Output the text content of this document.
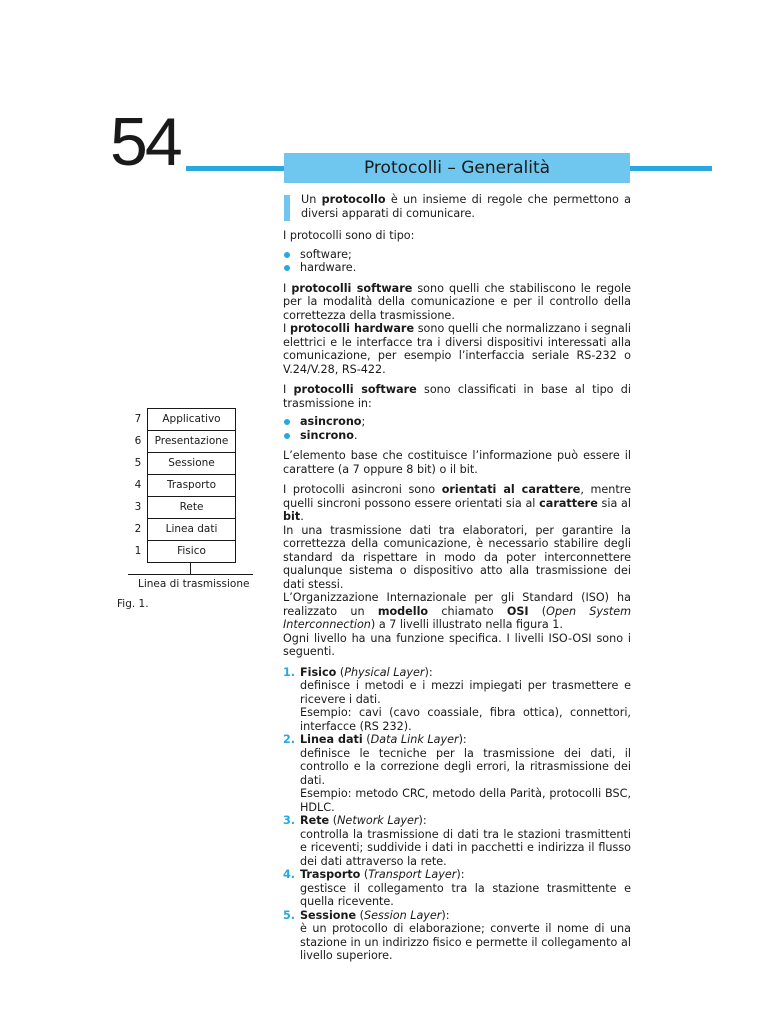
54	Protocolli – Generalità
Un protocollo è un insieme di regole che permettono a diversi apparati di comunicare.

I protocolli sono di tipo:

software;
hardware.

I protocolli software sono quelli che stabiliscono le regole per la modalità della comunicazione e per il controllo della correttezza della trasmissione.

I protocolli hardware sono quelli che normalizzano i segnali elettrici e le interfacce tra i diversi dispositivi interessati alla comunicazione, per esempio l’interfaccia seriale RS-232 o V.24/V.28, RS-422.

I protocolli software sono classificati in base al tipo di trasmissione in:

asincrono;
sincrono.

L’elemento base che costituisce l’informazione può essere il carattere (a 7 oppure 8 bit) o il bit.

I protocolli asincroni sono orientati al carattere, mentre quelli sincroni possono essere orientati sia al carattere sia al bit.

In una trasmissione dati tra elaboratori, per garantire la correttezza della comunicazione, è necessario stabilire degli standard da rispettare in modo da poter interconnettere qualunque sistema o dispositivo atto alla trasmissione dei dati stessi.

L’Organizzazione Internazionale per gli Standard (ISO) ha realizzato un modello chiamato OSI (Open System Interconnection) a 7 livelli illustrato nella figura 1.

Ogni livello ha una funzione specifica. I livelli ISO-OSI sono i seguenti.

1. Fisico (Physical Layer):
definisce i metodi e i mezzi impiegati per trasmettere e ricevere i dati.
Esempio: cavi (cavo coassiale, fibra ottica), connettori, interfacce (RS 232).
2. Linea dati (Data Link Layer):
definisce le tecniche per la trasmissione dei dati, il controllo e la correzione degli errori, la ritrasmissione dei dati.
Esempio: metodo CRC, metodo della Parità, protocolli BSC, HDLC.
3. Rete (Network Layer):
controlla la trasmissione di dati tra le stazioni trasmittenti e riceventi; suddivide i dati in pacchetti e indirizza il flusso dei dati attraverso la rete.
4. Trasporto (Transport Layer):
gestisce il collegamento tra la stazione trasmittente e quella ricevente.
5. Sessione (Session Layer):
è un protocollo di elaborazione; converte il nome di una stazione in un indirizzo fisico e permette il collegamento al livello superiore.
7	Applicativo
6	Presentazione
5	Sessione
4	Trasporto
3	Rete
2	Linea dati
1	Fisico
Linea di trasmissione
Fig. 1.
